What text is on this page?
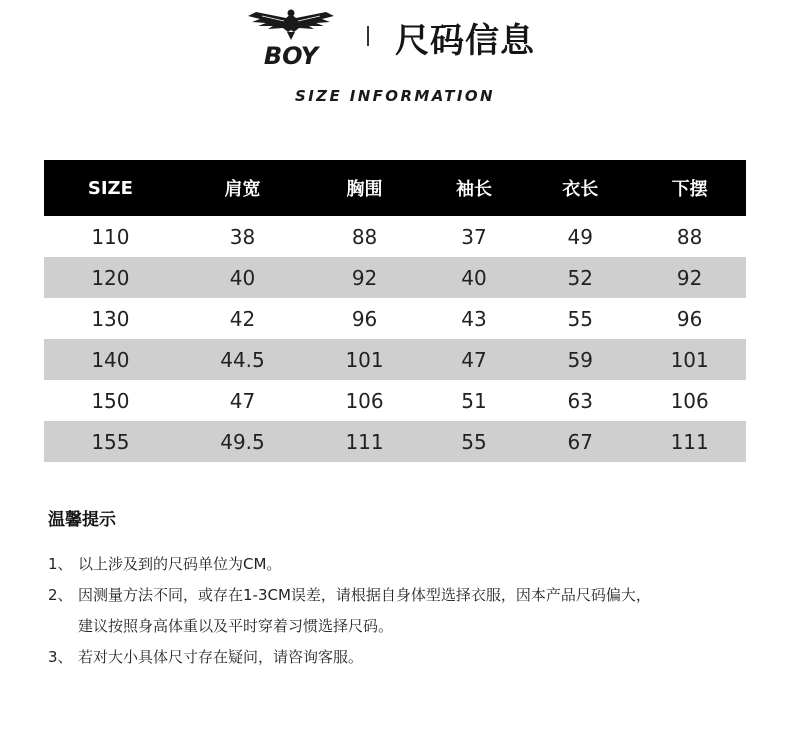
BOY 尺码信息
SIZE INFORMATION
SIZE	肩宽	胸围	袖长	衣长	下摆
110	38	88	37	49	88
120	40	92	40	52	92
130	42	96	43	55	96
140	44.5	101	47	59	101
150	47	106	51	63	106
155	49.5	111	55	67	111
温馨提示
1、 以上涉及到的尺码单位为CM。
2、 因测量方法不同，或存在1-3CM误差，请根据自身体型选择衣服，因本产品尺码偏大，
建议按照身高体重以及平时穿着习惯选择尺码。
3、 若对大小具体尺寸存在疑问，请咨询客服。
